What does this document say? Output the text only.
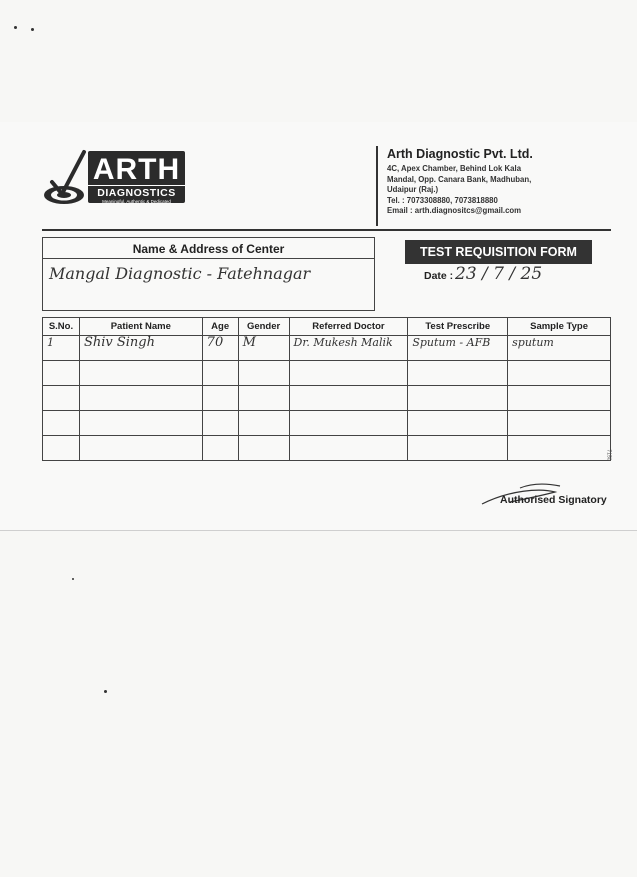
ARTH
DIAGNOSTICS
Meaningful, Authentic & Dedicated
Arth Diagnostic Pvt. Ltd.
4C, Apex Chamber, Behind Lok Kala
Mandal, Opp. Canara Bank, Madhuban,
Udaipur (Raj.)
Tel. : 7073308880, 7073818880
Email : arth.diagnositcs@gmail.com
Name & Address of Center
Mangal Diagnostic - Fatehnagar
TEST REQUISITION FORM
Date : 23 / 7 / 25
S.No.	Patient Name	Age	Gender	Referred Doctor	Test Prescribe	Sample Type
1	Shiv Singh	70	M	Dr. Mukesh Malik	Sputum - AFB	sputum

7150
Authorised Signatory
